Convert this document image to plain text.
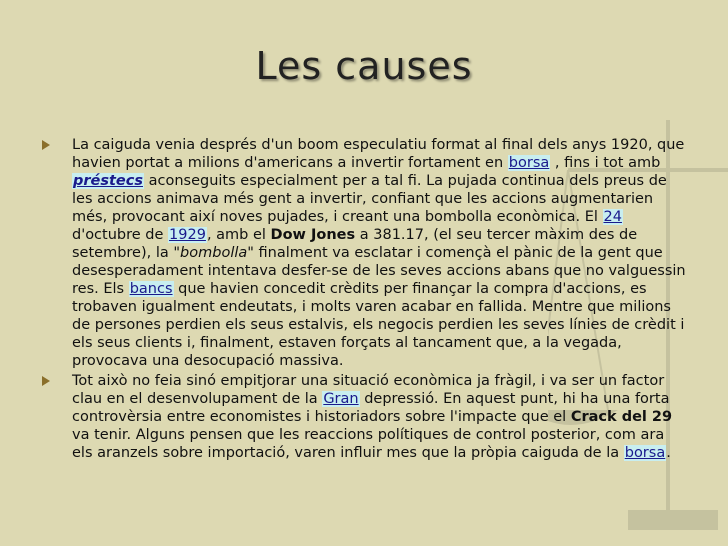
Les causes
La caiguda venia després d'un boom especulatiu format al final dels anys 1920, que havien portat a milions d'americans a invertir fortament en borsa , fins i tot amb préstecs aconseguits especialment per a tal fi. La pujada continua dels preus de les accions animava més gent a invertir, confiant que les accions augmentarien més, provocant així noves pujades, i creant una bombolla econòmica. El 24 d'octubre de 1929, amb el Dow Jones a 381.17, (el seu tercer màxim des de setembre), la "bombolla" finalment va esclatar i començà el pànic de la gent que desesperadament intentava desfer-se de les seves accions abans que no valguessin res. Els bancs que havien concedit crèdits per finançar la compra d'accions, es trobaven igualment endeutats, i molts varen acabar en fallida. Mentre que milions de persones perdien els seus estalvis, els negocis perdien les seves línies de crèdit i els seus clients i, finalment, estaven forçats al tancament que, a la vegada, provocava una desocupació massiva.
Tot això no feia sinó empitjorar una situació econòmica ja fràgil, i va ser un factor clau en el desenvolupament de la Gran depressió. En aquest punt, hi ha una forta controvèrsia entre economistes i historiadors sobre l'impacte que el Crack del 29 va tenir. Alguns pensen que les reaccions polítiques de control posterior, com ara els aranzels sobre importació, varen influir mes que la pròpia caiguda de la borsa.
